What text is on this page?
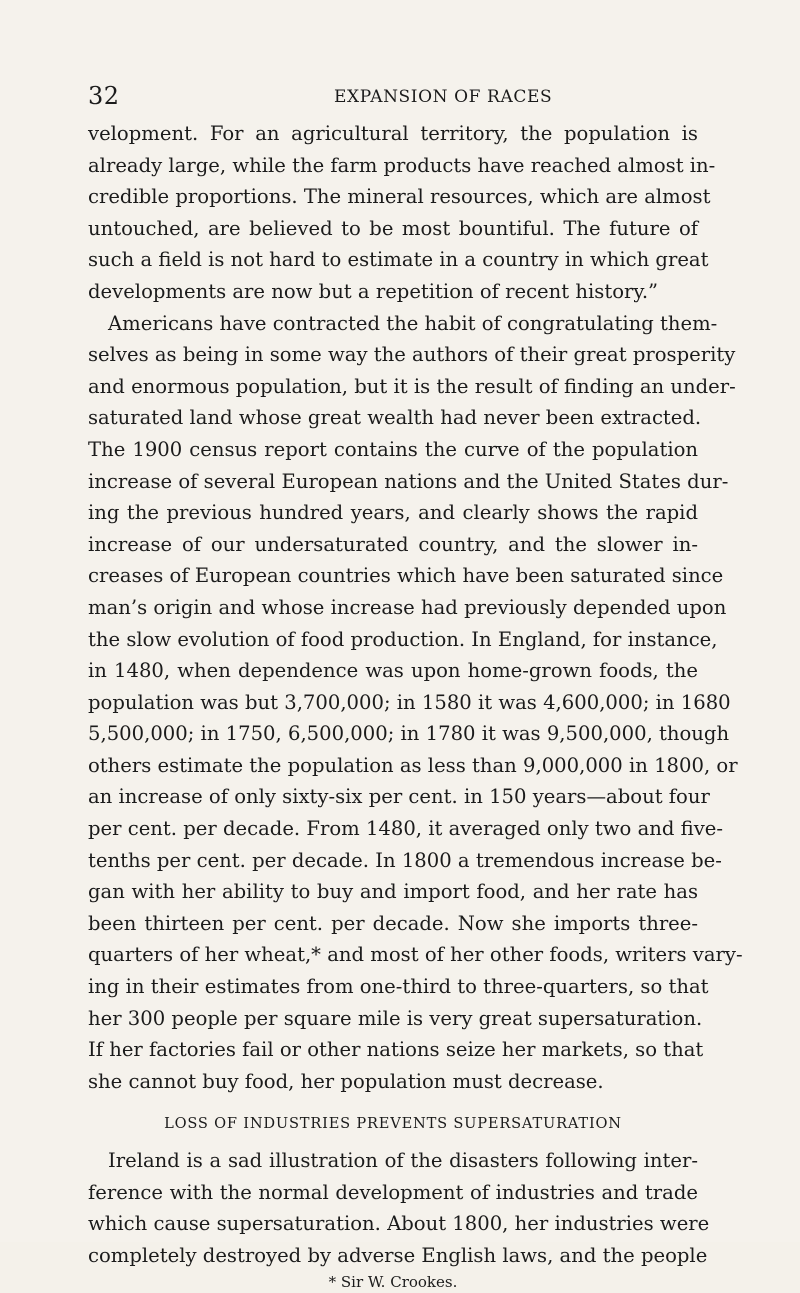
32	EXPANSION OF RACES
velopment. For an agricultural territory, the population is
already large, while the farm products have reached almost in-
credible proportions. The mineral resources, which are almost
untouched, are believed to be most bountiful. The future of
such a field is not hard to estimate in a country in which great
developments are now but a repetition of recent history.”
Americans have contracted the habit of congratulating them-
selves as being in some way the authors of their great prosperity
and enormous population, but it is the result of finding an under-
saturated land whose great wealth had never been extracted.
The 1900 census report contains the curve of the population
increase of several European nations and the United States dur-
ing the previous hundred years, and clearly shows the rapid
increase of our undersaturated country, and the slower in-
creases of European countries which have been saturated since
man’s origin and whose increase had previously depended upon
the slow evolution of food production. In England, for instance,
in 1480, when dependence was upon home-grown foods, the
population was but 3,700,000; in 1580 it was 4,600,000; in 1680
5,500,000; in 1750, 6,500,000; in 1780 it was 9,500,000, though
others estimate the population as less than 9,000,000 in 1800, or
an increase of only sixty-six per cent. in 150 years—about four
per cent. per decade. From 1480, it averaged only two and five-
tenths per cent. per decade. In 1800 a tremendous increase be-
gan with her ability to buy and import food, and her rate has
been thirteen per cent. per decade. Now she imports three-
quarters of her wheat,* and most of her other foods, writers vary-
ing in their estimates from one-third to three-quarters, so that
her 300 people per square mile is very great supersaturation.
If her factories fail or other nations seize her markets, so that
she cannot buy food, her population must decrease.
LOSS OF INDUSTRIES PREVENTS SUPERSATURATION
Ireland is a sad illustration of the disasters following inter-
ference with the normal development of industries and trade
which cause supersaturation. About 1800, her industries were
completely destroyed by adverse English laws, and the people
* Sir W. Crookes.
